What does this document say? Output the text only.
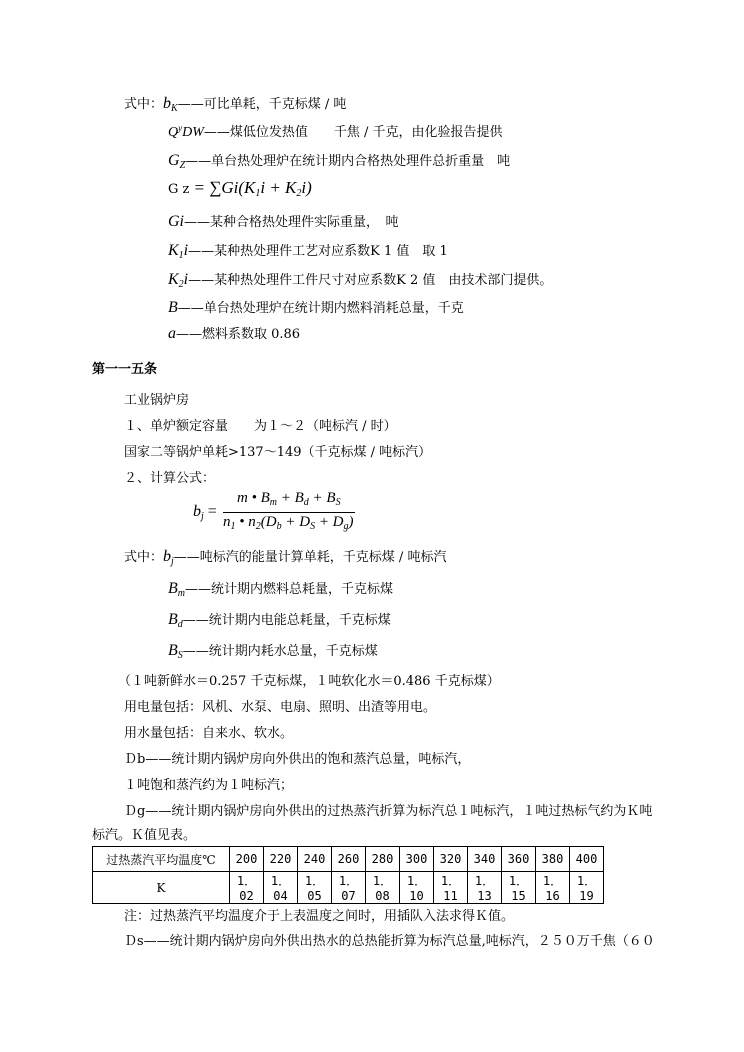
式中：$b_K——$可比单耗，千克标煤 / 吨
$Q^yDW——$煤低位发热值　　千焦 / 千克，由化验报告提供
$G_Z——$单台热处理炉在统计期内合格热处理件总折重量　吨
G $z = \sum Gi(K_1i + K_2i)$
Gi——某种合格热处理件实际重量，　吨
$K_1i——$某种热处理件工艺对应系数K 1 值　取 1
$K_2i——$某种热处理件工件尺寸对应系数K 2 值　由技术部门提供。
B——单台热处理炉在统计期内燃料消耗总量，千克
a——燃料系数取 0.86
第一一五条
工业锅炉房
１、单炉额定容量　　为１～２（吨标汽 / 时）
国家二等锅炉单耗>137～149（千克标煤 / 吨标汽）
２、计算公式：
$b_j$ =
m • $B_m + B_d + B_S$
$n_1$ • $n_2(D_b + D_S + D_g)$
式中：$b_j——$吨标汽的能量计算单耗，千克标煤 / 吨标汽
$B_m——$统计期内燃料总耗量，千克标煤
$B_d——$统计期内电能总耗量，千克标煤
$B_S——$统计期内耗水总量，千克标煤
（１吨新鲜水＝0.257 千克标煤，１吨软化水＝0.486 千克标煤）
用电量包括：风机、水泵、电扇、照明、出渣等用电。
用水量包括：自来水、软水。
Ｄb——统计期内锅炉房向外供出的饱和蒸汽总量，吨标汽，
１吨饱和蒸汽约为１吨标汽；
Ｄg——统计期内锅炉房向外供出的过热蒸汽折算为标汽总１吨标汽，１吨过热标气约为Ｋ吨
标汽。Ｋ值见表。
过热蒸汽平均温度℃	200	220	240	260	280	300	320	340	360	380	400
K	1．02	1．04	1．05	1．07	1．08	1．10	1．11	1．13	1．15	1．16	1．19
注：过热蒸汽平均温度介于上表温度之间时，用插队入法求得Ｋ值。
Ｄs——统计期内锅炉房向外供出热水的总热能折算为标汽总量,吨标汽，２５０万千焦（６０
